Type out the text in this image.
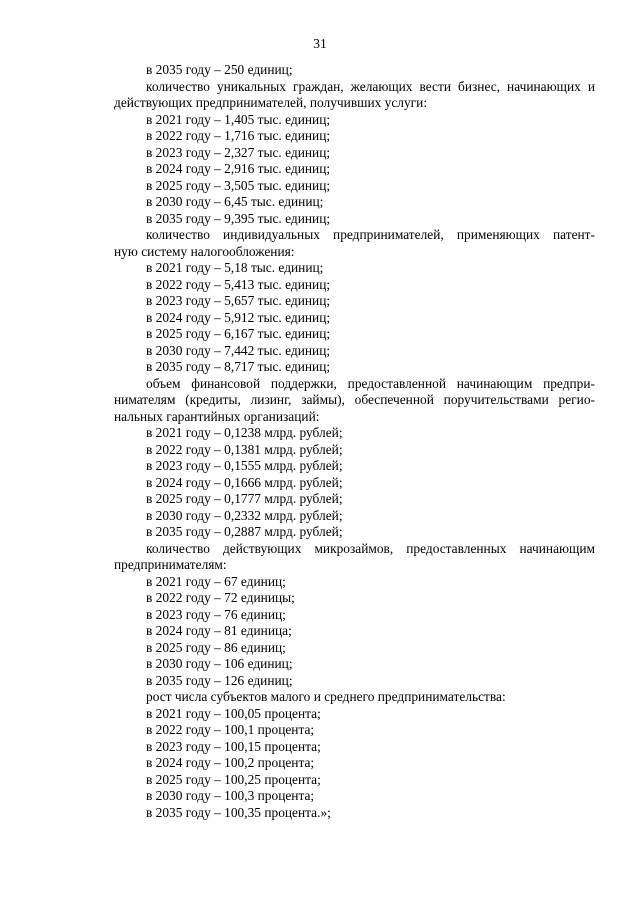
31
в 2035 году – 250 единиц;
количество уникальных граждан, желающих вести бизнес, начинающих и
действующих предпринимателей, получивших услуги:
в 2021 году – 1,405 тыс. единиц;
в 2022 году – 1,716 тыс. единиц;
в 2023 году – 2,327 тыс. единиц;
в 2024 году – 2,916 тыс. единиц;
в 2025 году – 3,505 тыс. единиц;
в 2030 году – 6,45 тыс. единиц;
в 2035 году – 9,395 тыс. единиц;
количество индивидуальных предпринимателей, применяющих патент-
ную систему налогообложения:
в 2021 году – 5,18 тыс. единиц;
в 2022 году – 5,413 тыс. единиц;
в 2023 году – 5,657 тыс. единиц;
в 2024 году – 5,912 тыс. единиц;
в 2025 году – 6,167 тыс. единиц;
в 2030 году – 7,442 тыс. единиц;
в 2035 году – 8,717 тыс. единиц;
объем финансовой поддержки, предоставленной начинающим предпри-
нимателям (кредиты, лизинг, займы), обеспеченной поручительствами регио-
нальных гарантийных организаций:
в 2021 году – 0,1238 млрд. рублей;
в 2022 году – 0,1381 млрд. рублей;
в 2023 году – 0,1555 млрд. рублей;
в 2024 году – 0,1666 млрд. рублей;
в 2025 году – 0,1777 млрд. рублей;
в 2030 году – 0,2332 млрд. рублей;
в 2035 году – 0,2887 млрд. рублей;
количество действующих микрозаймов, предоставленных начинающим
предпринимателям:
в 2021 году – 67 единиц;
в 2022 году – 72 единицы;
в 2023 году – 76 единиц;
в 2024 году – 81 единица;
в 2025 году – 86 единиц;
в 2030 году – 106 единиц;
в 2035 году – 126 единиц;
рост числа субъектов малого и среднего предпринимательства:
в 2021 году – 100,05 процента;
в 2022 году – 100,1 процента;
в 2023 году – 100,15 процента;
в 2024 году – 100,2 процента;
в 2025 году – 100,25 процента;
в 2030 году – 100,3 процента;
в 2035 году – 100,35 процента.»;
